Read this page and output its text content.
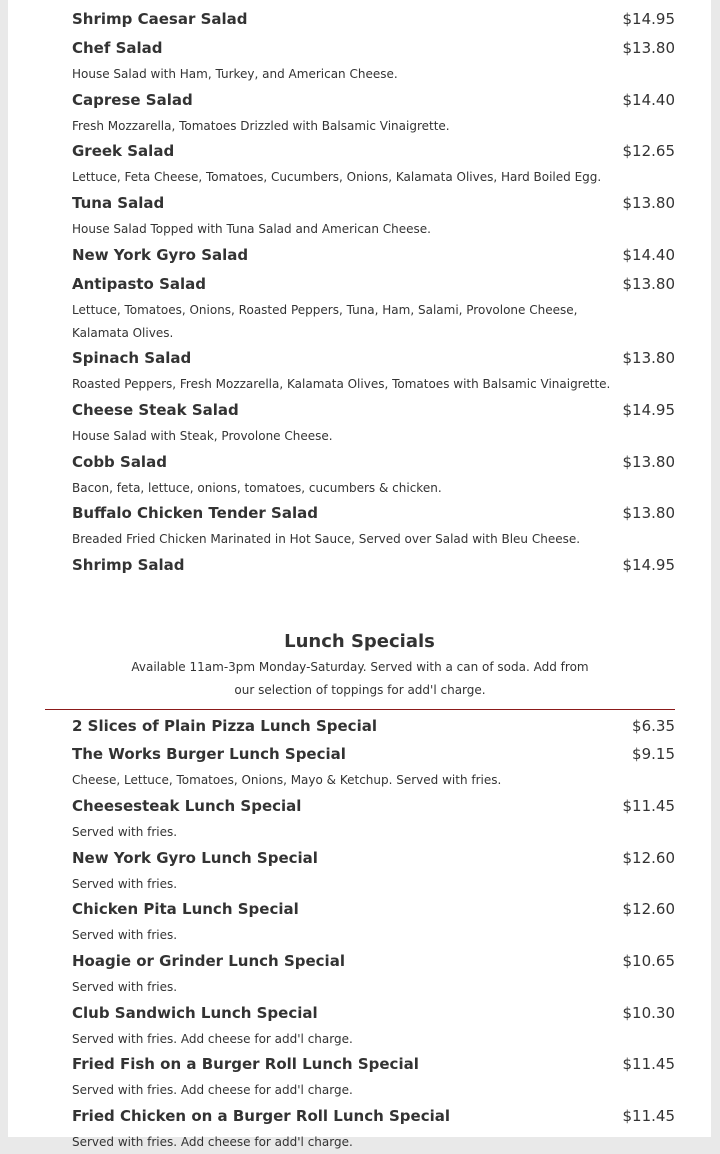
Shrimp Caesar Salad	$14.95
Chef Salad	$13.80
House Salad with Ham, Turkey, and American Cheese.
Caprese Salad	$14.40
Fresh Mozzarella, Tomatoes Drizzled with Balsamic Vinaigrette.
Greek Salad	$12.65
Lettuce, Feta Cheese, Tomatoes, Cucumbers, Onions, Kalamata Olives, Hard Boiled Egg.
Tuna Salad	$13.80
House Salad Topped with Tuna Salad and American Cheese.
New York Gyro Salad	$14.40
Antipasto Salad	$13.80
Lettuce, Tomatoes, Onions, Roasted Peppers, Tuna, Ham, Salami, Provolone Cheese, Kalamata Olives.
Spinach Salad	$13.80
Roasted Peppers, Fresh Mozzarella, Kalamata Olives, Tomatoes with Balsamic Vinaigrette.
Cheese Steak Salad	$14.95
House Salad with Steak, Provolone Cheese.
Cobb Salad	$13.80
Bacon, feta, lettuce, onions, tomatoes, cucumbers & chicken.
Buffalo Chicken Tender Salad	$13.80
Breaded Fried Chicken Marinated in Hot Sauce, Served over Salad with Bleu Cheese.
Shrimp Salad	$14.95
Lunch Specials
Available 11am-3pm Monday-Saturday. Served with a can of soda. Add from our selection of toppings for add'l charge.
2 Slices of Plain Pizza Lunch Special	$6.35
The Works Burger Lunch Special	$9.15
Cheese, Lettuce, Tomatoes, Onions, Mayo & Ketchup. Served with fries.
Cheesesteak Lunch Special	$11.45
Served with fries.
New York Gyro Lunch Special	$12.60
Served with fries.
Chicken Pita Lunch Special	$12.60
Served with fries.
Hoagie or Grinder Lunch Special	$10.65
Served with fries.
Club Sandwich Lunch Special	$10.30
Served with fries. Add cheese for add'l charge.
Fried Fish on a Burger Roll Lunch Special	$11.45
Served with fries. Add cheese for add'l charge.
Fried Chicken on a Burger Roll Lunch Special	$11.45
Served with fries. Add cheese for add'l charge.
